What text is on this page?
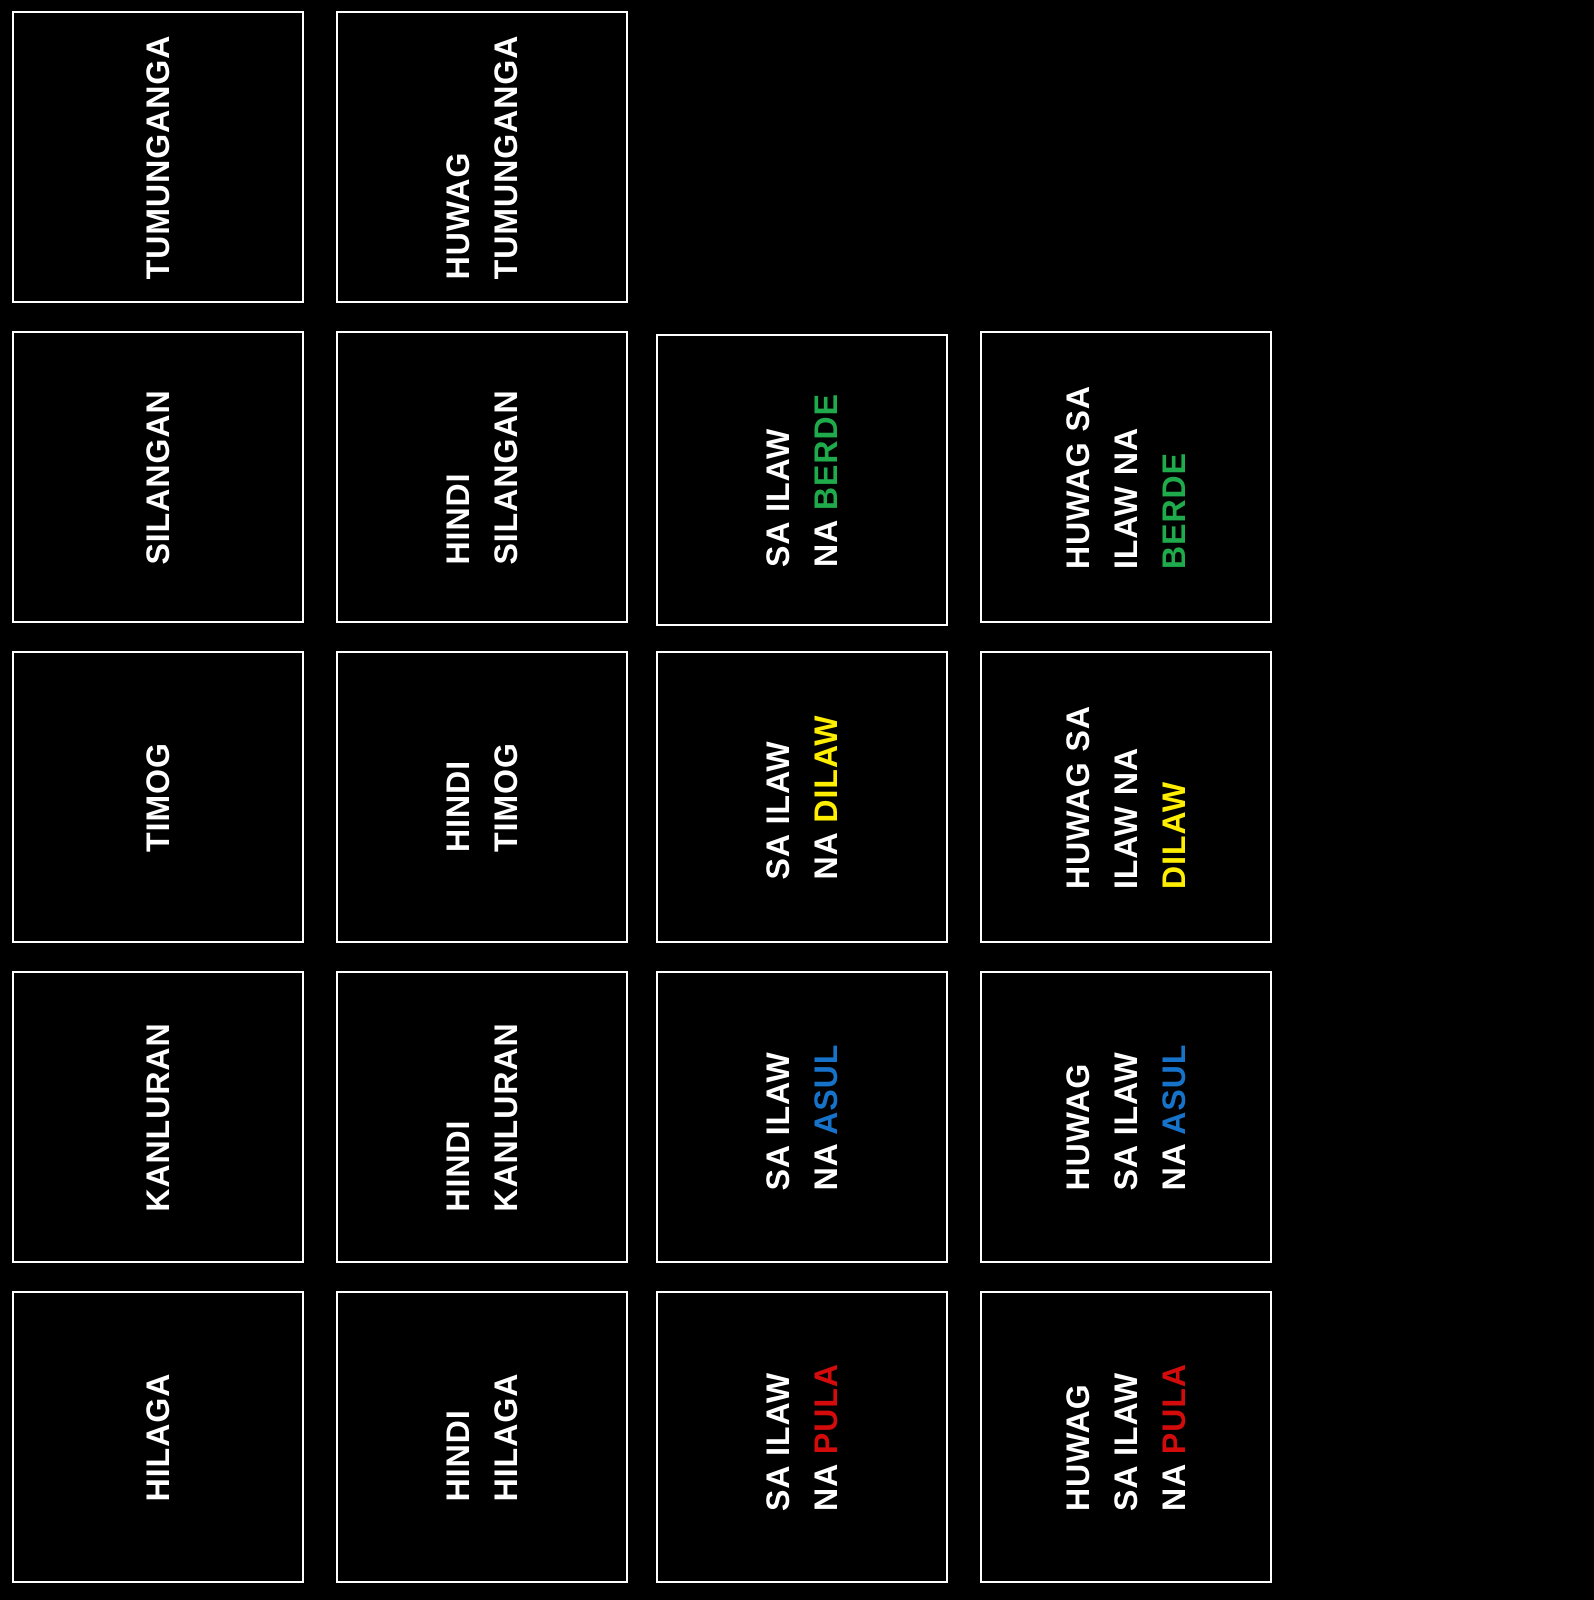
TUMUNGANGA	HUWAG TUMUNGANGA
SILANGAN	HINDI SILANGAN	SA ILAW NA BERDE	HUWAG SA ILAW NA BERDE
TIMOG	HINDI TIMOG	SA ILAW NA DILAW	HUWAG SA ILAW NA DILAW
KANLURAN	HINDI KANLURAN	SA ILAW NA ASUL	HUWAG SA ILAW NA ASUL
HILAGA	HINDI HILAGA	SA ILAW NA PULA	HUWAG SA ILAW NA PULA
